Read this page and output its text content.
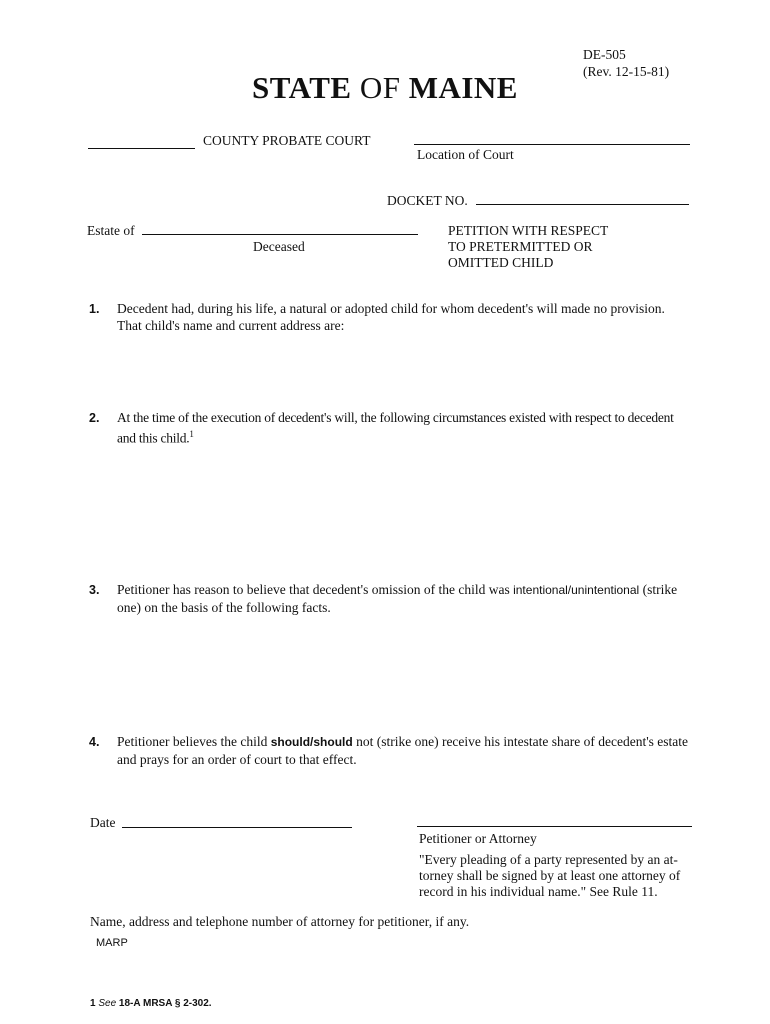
DE-505
(Rev. 12-15-81)
STATE OF MAINE
COUNTY PROBATE COURT
Location of Court
DOCKET NO.
Estate of
Deceased
PETITION WITH RESPECT
TO PRETERMITTED OR
OMITTED CHILD
1. Decedent had, during his life, a natural or adopted child for whom decedent's will made no provision.
That child's name and current address are:
2. At the time of the execution of decedent's will, the following circumstances existed with respect to decedent
and this child.$^1$
3. Petitioner has reason to believe that decedent's omission of the child was intentional/unintentional (strike
one) on the basis of the following facts.
4. Petitioner believes the child should/should not (strike one) receive his intestate share of decedent's estate
and prays for an order of court to that effect.
Date
Petitioner or Attorney
"Every pleading of a party represented by an at-
torney shall be signed by at least one attorney of
record in his individual name." See Rule 11.
Name, address and telephone number of attorney for petitioner, if any.
MARP
1 See 18-A MRSA § 2-302.
